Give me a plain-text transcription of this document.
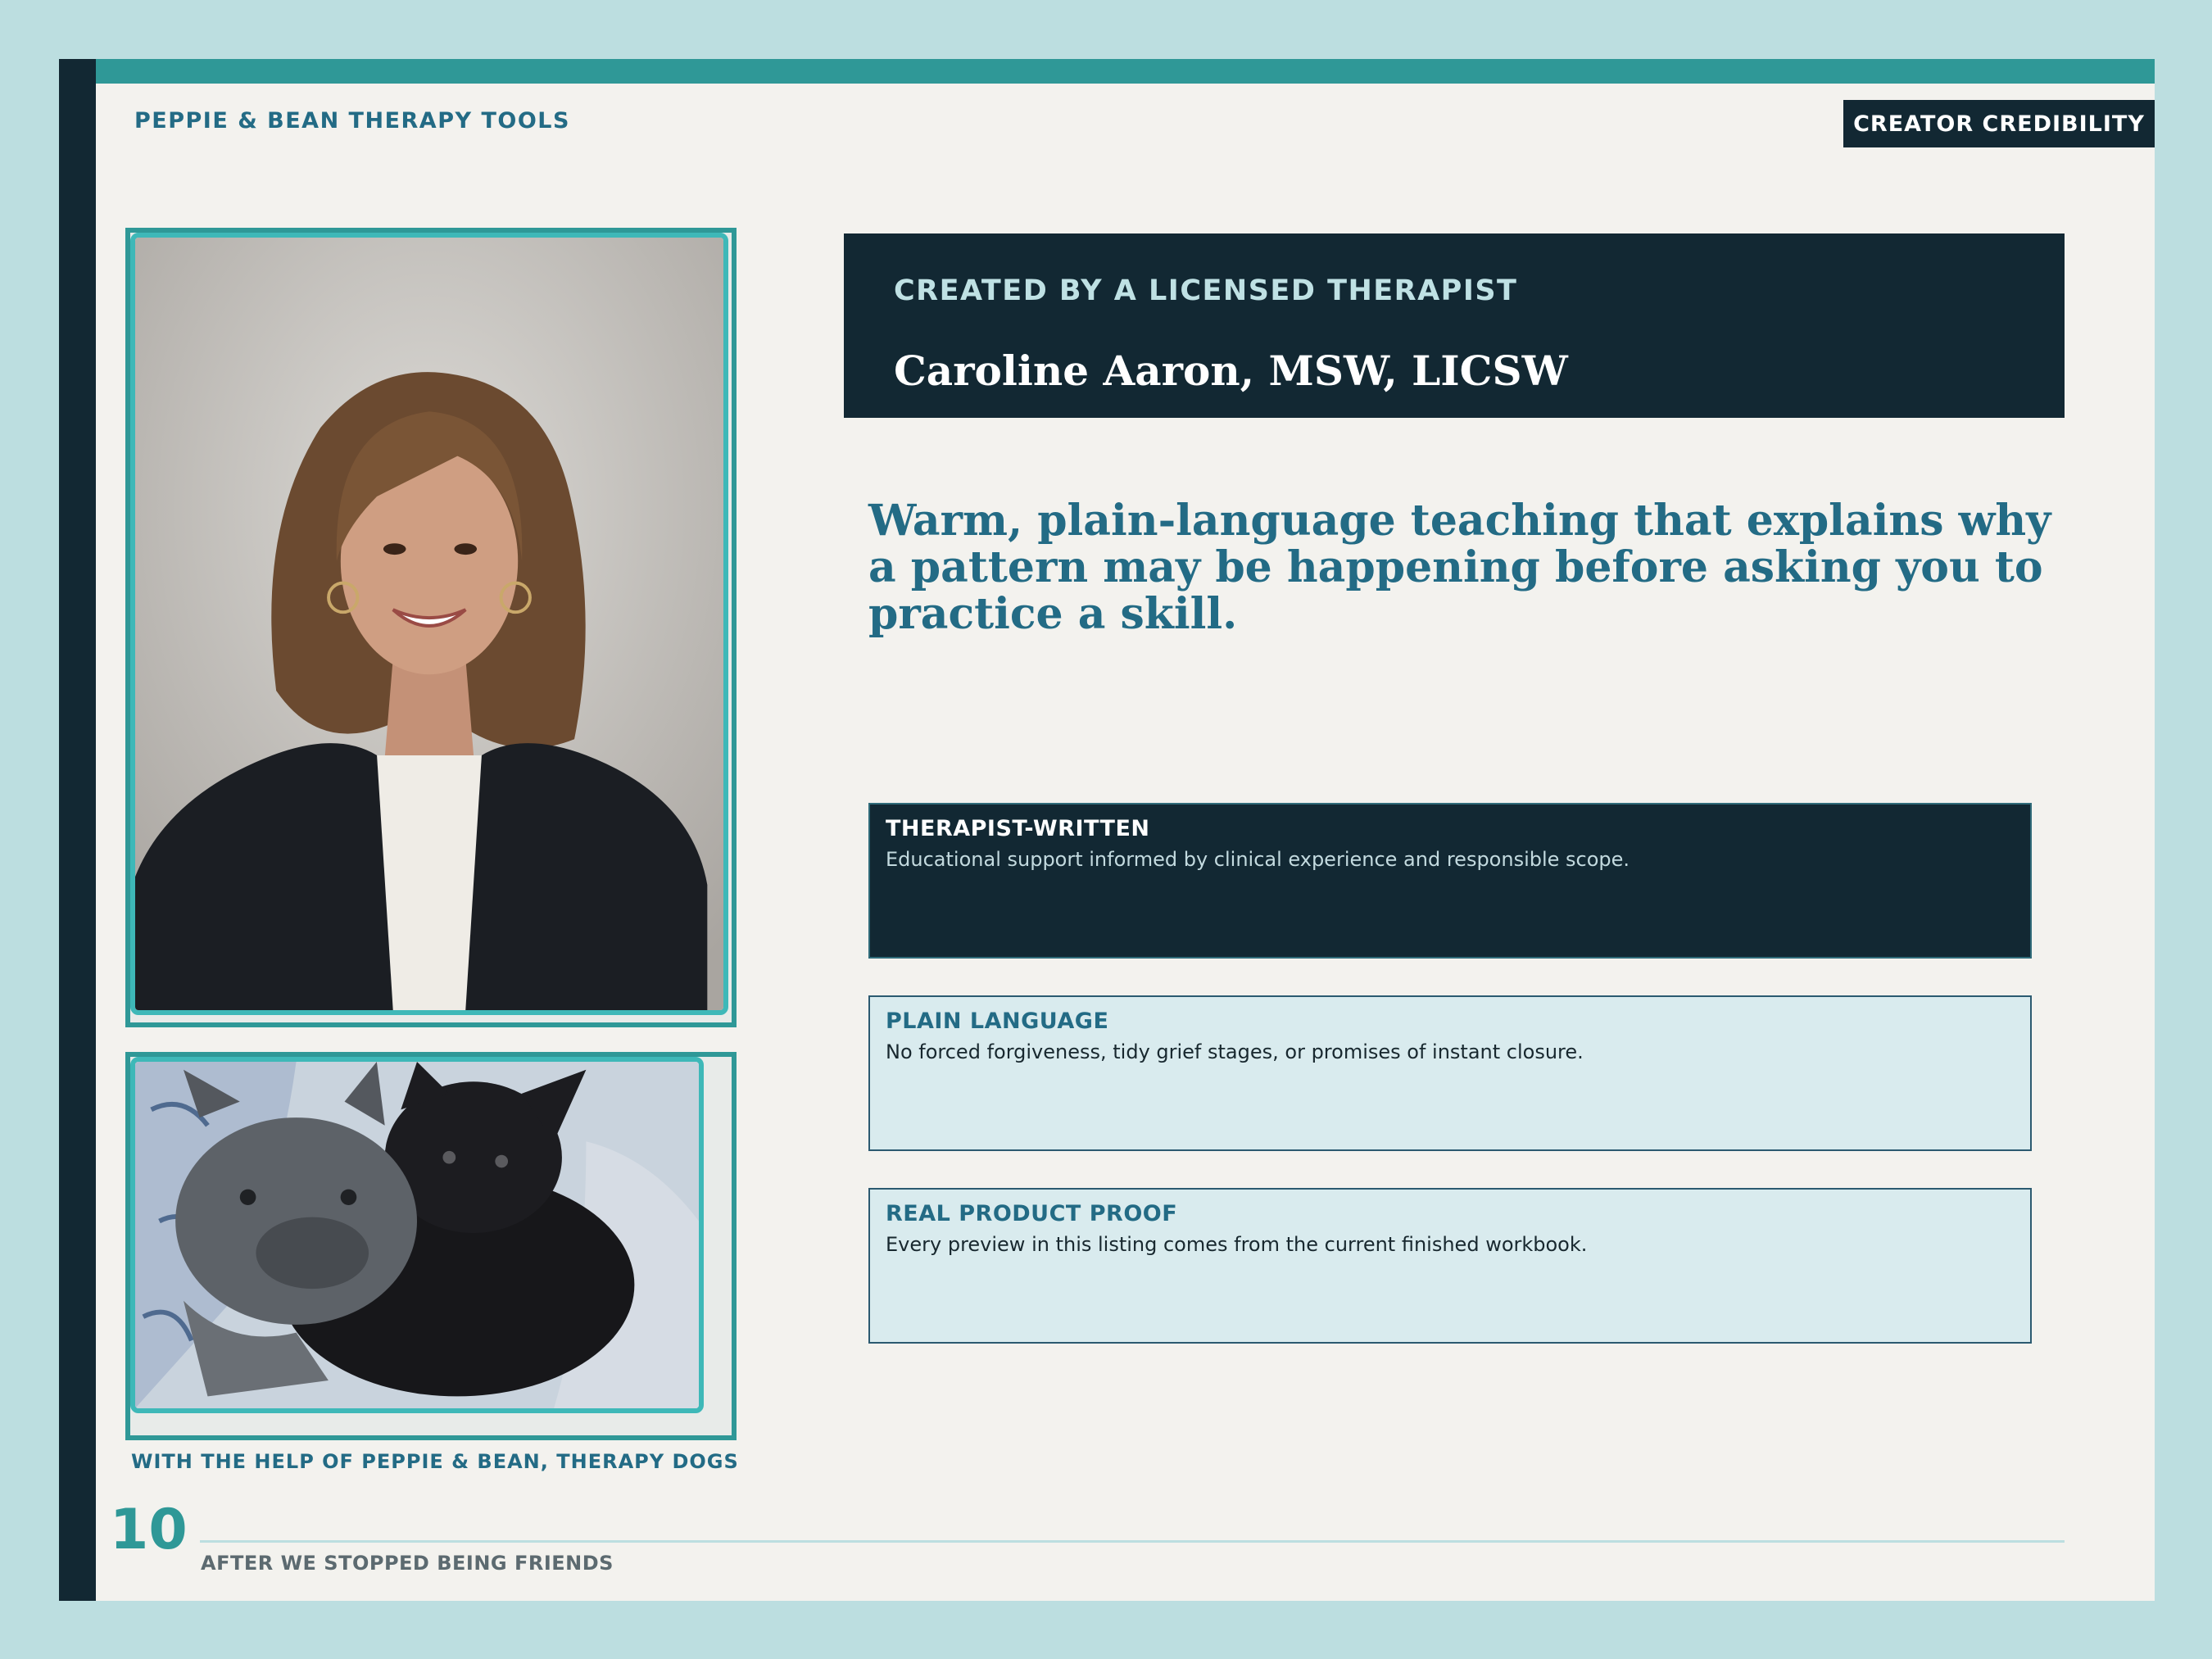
PEPPIE & BEAN THERAPY TOOLS	CREATOR CREDIBILITY
WITH THE HELP OF PEPPIE & BEAN, THERAPY DOGS
CREATED BY A LICENSED THERAPIST
Caroline Aaron, MSW, LICSW

Warm, plain-language teaching that explains why a pattern may be happening before asking you to practice a skill.

THERAPIST-WRITTEN

Educational support informed by clinical experience and responsible scope.

PLAIN LANGUAGE

No forced forgiveness, tidy grief stages, or promises of instant closure.

REAL PRODUCT PROOF

Every preview in this listing comes from the current finished workbook.

10
AFTER WE STOPPED BEING FRIENDS
